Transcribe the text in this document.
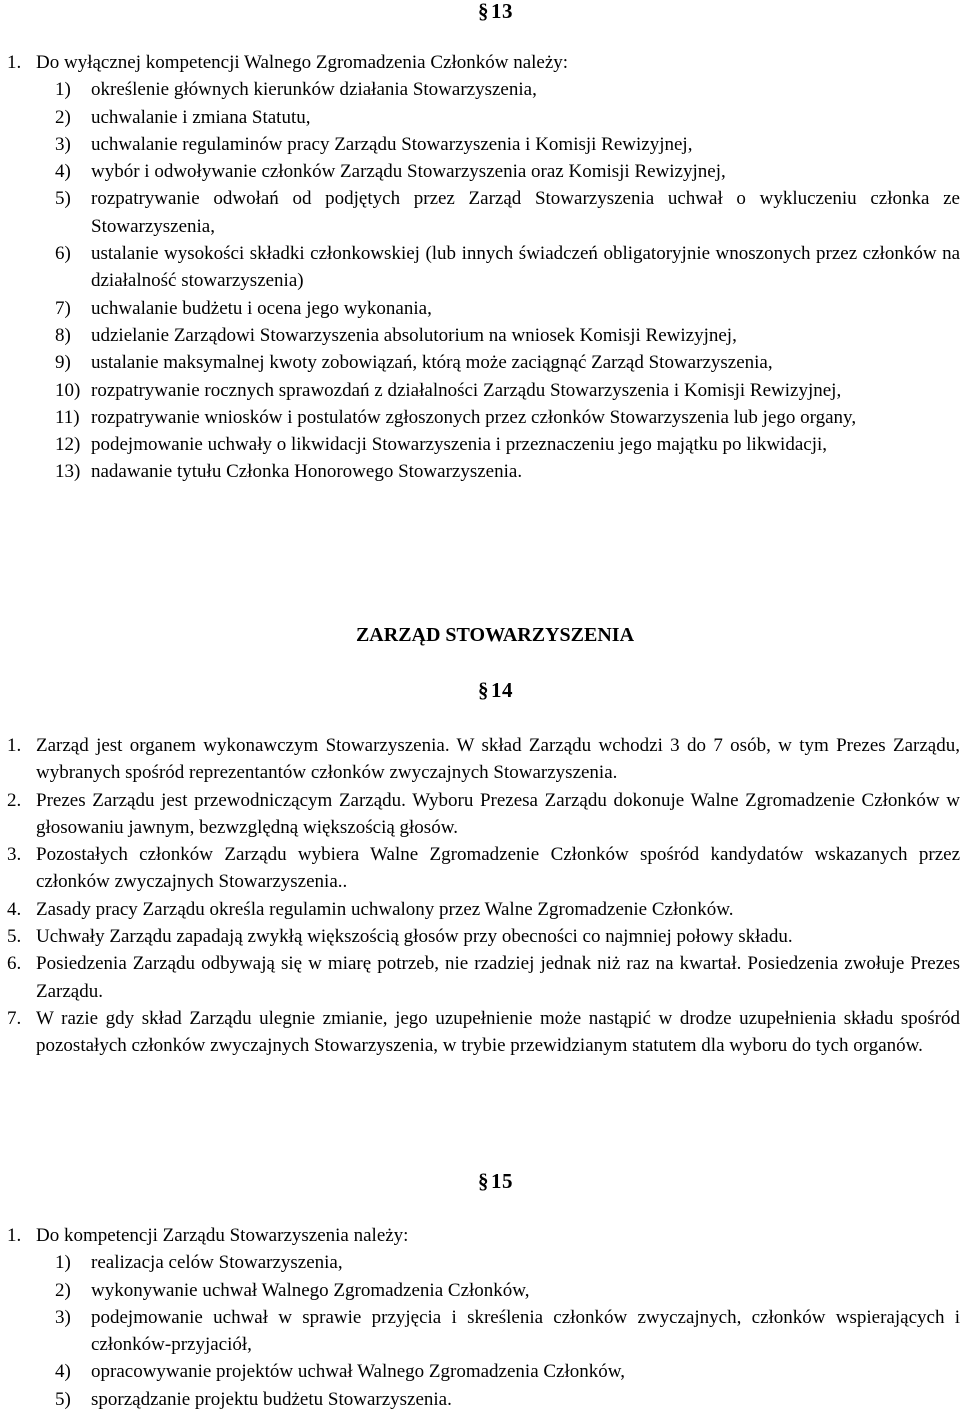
§13
1. Do wyłącznej kompetencji Walnego Zgromadzenia Członków należy:
1) określenie głównych kierunków działania Stowarzyszenia,
2) uchwalanie i zmiana Statutu,
3) uchwalanie regulaminów pracy Zarządu Stowarzyszenia i Komisji Rewizyjnej,
4) wybór i odwoływanie członków Zarządu Stowarzyszenia oraz Komisji Rewizyjnej,
5) rozpatrywanie odwołań od podjętych przez Zarząd Stowarzyszenia uchwał o wykluczeniu członka ze Stowarzyszenia,
6) ustalanie wysokości składki członkowskiej (lub innych świadczeń obligatoryjnie wnoszonych przez członków na działalność stowarzyszenia)
7) uchwalanie budżetu i ocena jego wykonania,
8) udzielanie Zarządowi Stowarzyszenia absolutorium na wniosek Komisji Rewizyjnej,
9) ustalanie maksymalnej kwoty zobowiązań, którą może zaciągnąć Zarząd Stowarzyszenia,
10) rozpatrywanie rocznych sprawozdań z działalności Zarządu Stowarzyszenia i Komisji Rewizyjnej,
11) rozpatrywanie wniosków i postulatów zgłoszonych przez członków Stowarzyszenia lub jego organy,
12) podejmowanie uchwały o likwidacji Stowarzyszenia i przeznaczeniu jego majątku po likwidacji,
13) nadawanie tytułu Członka Honorowego Stowarzyszenia.
ZARZĄD STOWARZYSZENIA
§14
1. Zarząd jest organem wykonawczym Stowarzyszenia. W skład Zarządu wchodzi 3 do 7 osób, w tym Prezes Zarządu, wybranych spośród reprezentantów członków zwyczajnych Stowarzyszenia.
2. Prezes Zarządu jest przewodniczącym Zarządu. Wyboru Prezesa Zarządu dokonuje Walne Zgromadzenie Członków w głosowaniu jawnym, bezwzględną większością głosów.
3. Pozostałych członków Zarządu wybiera Walne Zgromadzenie Członków spośród kandydatów wskazanych przez członków zwyczajnych Stowarzyszenia..
4. Zasady pracy Zarządu określa regulamin uchwalony przez Walne Zgromadzenie Członków.
5. Uchwały Zarządu zapadają zwykłą większością głosów przy obecności co najmniej połowy składu.
6. Posiedzenia Zarządu odbywają się w miarę potrzeb, nie rzadziej jednak niż raz na kwartał. Posiedzenia zwołuje Prezes Zarządu.
7. W razie gdy skład Zarządu ulegnie zmianie, jego uzupełnienie może nastąpić w drodze uzupełnienia składu spośród pozostałych członków zwyczajnych Stowarzyszenia, w trybie przewidzianym statutem dla wyboru do tych organów.
§15
1. Do kompetencji Zarządu Stowarzyszenia należy:
1) realizacja celów Stowarzyszenia,
2) wykonywanie uchwał Walnego Zgromadzenia Członków,
3) podejmowanie uchwał w sprawie przyjęcia i skreślenia członków zwyczajnych, członków wspierających i członków-przyjaciół,
4) opracowywanie projektów uchwał Walnego Zgromadzenia Członków,
5) sporządzanie projektu budżetu Stowarzyszenia.
